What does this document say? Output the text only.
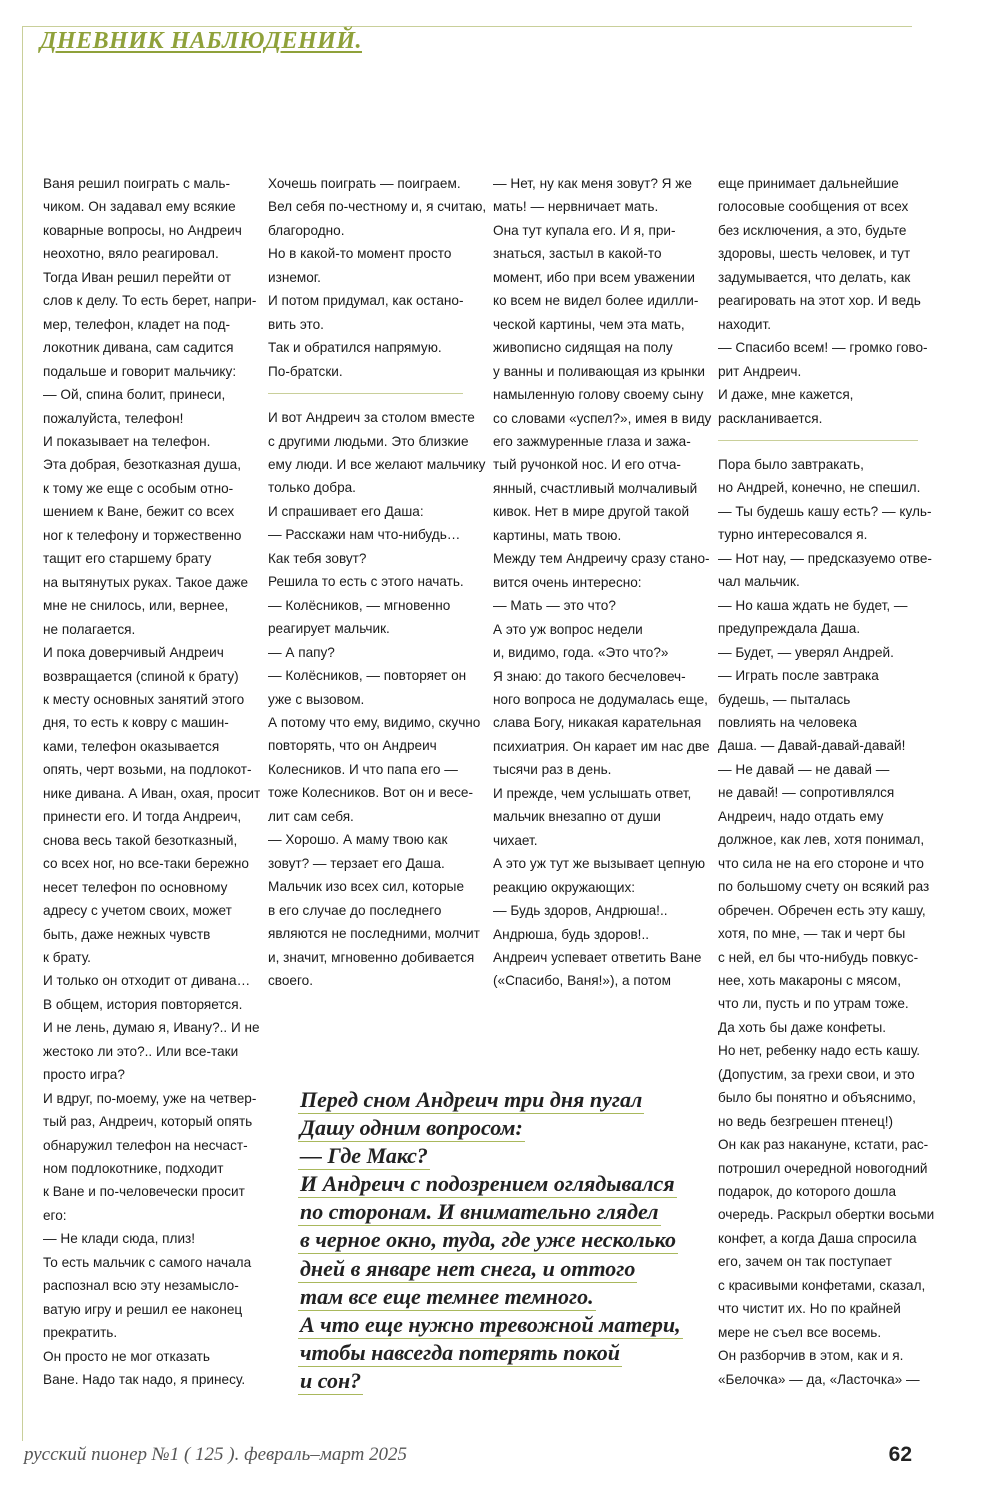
ДНЕВНИК НАБЛЮДЕНИЙ.

Ваня решил поиграть с маль-

чиком. Он задавал ему всякие

коварные вопросы, но Андреич

неохотно, вяло реагировал.

Тогда Иван решил перейти от

слов к делу. То есть берет, напри-

мер, телефон, кладет на под-

локотник дивана, сам садится

подальше и говорит мальчику:

— Ой, спина болит, принеси,

пожалуйста, телефон!

И показывает на телефон.

Эта добрая, безотказная душа,

к тому же еще с особым отно-

шением к Ване, бежит со всех

ног к телефону и торжественно

тащит его старшему брату

на вытянутых руках. Такое даже

мне не снилось, или, вернее,

не полагается.

И пока доверчивый Андреич

возвращается (спиной к брату)

к месту основных занятий этого

дня, то есть к ковру с машин-

ками, телефон оказывается

опять, черт возьми, на подлокот-

нике дивана. А Иван, охая, просит

принести его. И тогда Андреич,

снова весь такой безотказный,

со всех ног, но все-таки бережно

несет телефон по основному

адресу с учетом своих, может

быть, даже нежных чувств

к брату.

И только он отходит от дивана…

В общем, история повторяется.

И не лень, думаю я, Ивану?.. И не

жестоко ли это?.. Или все-таки

просто игра?

И вдруг, по-моему, уже на четвер-

тый раз, Андреич, который опять

обнаружил телефон на несчаст-

ном подлокотнике, подходит

к Ване и по-человечески просит

его:

— Не клади сюда, плиз!

То есть мальчик с самого начала

распознал всю эту незамысло-

ватую игру и решил ее наконец

прекратить.

Он просто не мог отказать

Ване. Надо так надо, я принесу.

Хочешь поиграть — поиграем.

Вел себя по-честному и, я считаю,

благородно.

Но в какой-то момент просто

изнемог.

И потом придумал, как остано-

вить это.

Так и обратился напрямую.

По-братски.

И вот Андреич за столом вместе

с другими людьми. Это близкие

ему люди. И все желают мальчику

только добра.

И спрашивает его Даша:

— Расскажи нам что-нибудь…

Как тебя зовут?

Решила то есть с этого начать.

— Колёсников, — мгновенно

реагирует мальчик.

— А папу?

— Колёсников, — повторяет он

уже с вызовом.

А потому что ему, видимо, скучно

повторять, что он Андреич

Колесников. И что папа его —

тоже Колесников. Вот он и весе-

лит сам себя.

— Хорошо. А маму твою как

зовут? — терзает его Даша.

Мальчик изо всех сил, которые

в его случае до последнего

являются не последними, молчит

и, значит, мгновенно добивается

своего.

— Нет, ну как меня зовут? Я же

мать! — нервничает мать.

Она тут купала его. И я, при-

знаться, застыл в какой-то

момент, ибо при всем уважении

ко всем не видел более идилли-

ческой картины, чем эта мать,

живописно сидящая на полу

у ванны и поливающая из крынки

намыленную голову своему сыну

со словами «успел?», имея в виду

его зажмуренные глаза и зажа-

тый ручонкой нос. И его отча-

янный, счастливый молчаливый

кивок. Нет в мире другой такой

картины, мать твою.

Между тем Андреичу сразу стано-

вится очень интересно:

— Мать — это что?

А это уж вопрос недели

и, видимо, года. «Это что?»

Я знаю: до такого бесчеловеч-

ного вопроса не додумалась еще,

слава Богу, никакая карательная

психиатрия. Он карает им нас две

тысячи раз в день.

И прежде, чем услышать ответ,

мальчик внезапно от души

чихает.

А это уж тут же вызывает цепную

реакцию окружающих:

— Будь здоров, Андрюша!..

Андрюша, будь здоров!..

Андреич успевает ответить Ване

(«Спасибо, Ваня!»), а потом

еще принимает дальнейшие

голосовые сообщения от всех

без исключения, а это, будьте

здоровы, шесть человек, и тут

задумывается, что делать, как

реагировать на этот хор. И ведь

находит.

— Спасибо всем! — громко гово-

рит Андреич.

И даже, мне кажется,

раскланивается.

Пора было завтракать,

но Андрей, конечно, не спешил.

— Ты будешь кашу есть? — куль-

турно интересовался я.

— Нот нау, — предсказуемо отве-

чал мальчик.

— Но каша ждать не будет, —

предупреждала Даша.

— Будет, — уверял Андрей.

— Играть после завтрака

будешь, — пыталась

повлиять на человека

Даша. — Давай-давай-давай!

— Не давай — не давай —

не давай! — сопротивлялся

Андреич, надо отдать ему

должное, как лев, хотя понимал,

что сила не на его стороне и что

по большому счету он всякий раз

обречен. Обречен есть эту кашу,

хотя, по мне, — так и черт бы

с ней, ел бы что-нибудь повкус-

нее, хоть макароны с мясом,

что ли, пусть и по утрам тоже.

Да хоть бы даже конфеты.

Но нет, ребенку надо есть кашу.

(Допустим, за грехи свои, и это

было бы понятно и объяснимо,

но ведь безгрешен птенец!)

Он как раз накануне, кстати, рас-

потрошил очередной новогодний

подарок, до которого дошла

очередь. Раскрыл обертки восьми

конфет, а когда Даша спросила

его, зачем он так поступает

с красивыми конфетами, сказал,

что чистит их. Но по крайней

мере не съел все восемь.

Он разборчив в этом, как и я.

«Белочка» — да, «Ласточка» —

Перед сном Андреич три дня пугал

Дашу одним вопросом:

— Где Макс?

И Андреич с подозрением оглядывался

по сторонам. И внимательно глядел

в черное окно, туда, где уже несколько

дней в январе нет снега, и оттого

там все еще темнее темного.

А что еще нужно тревожной матери,

чтобы навсегда потерять покой

и сон?

русский пионер №1 ( 125 ). февраль–март 2025	62
